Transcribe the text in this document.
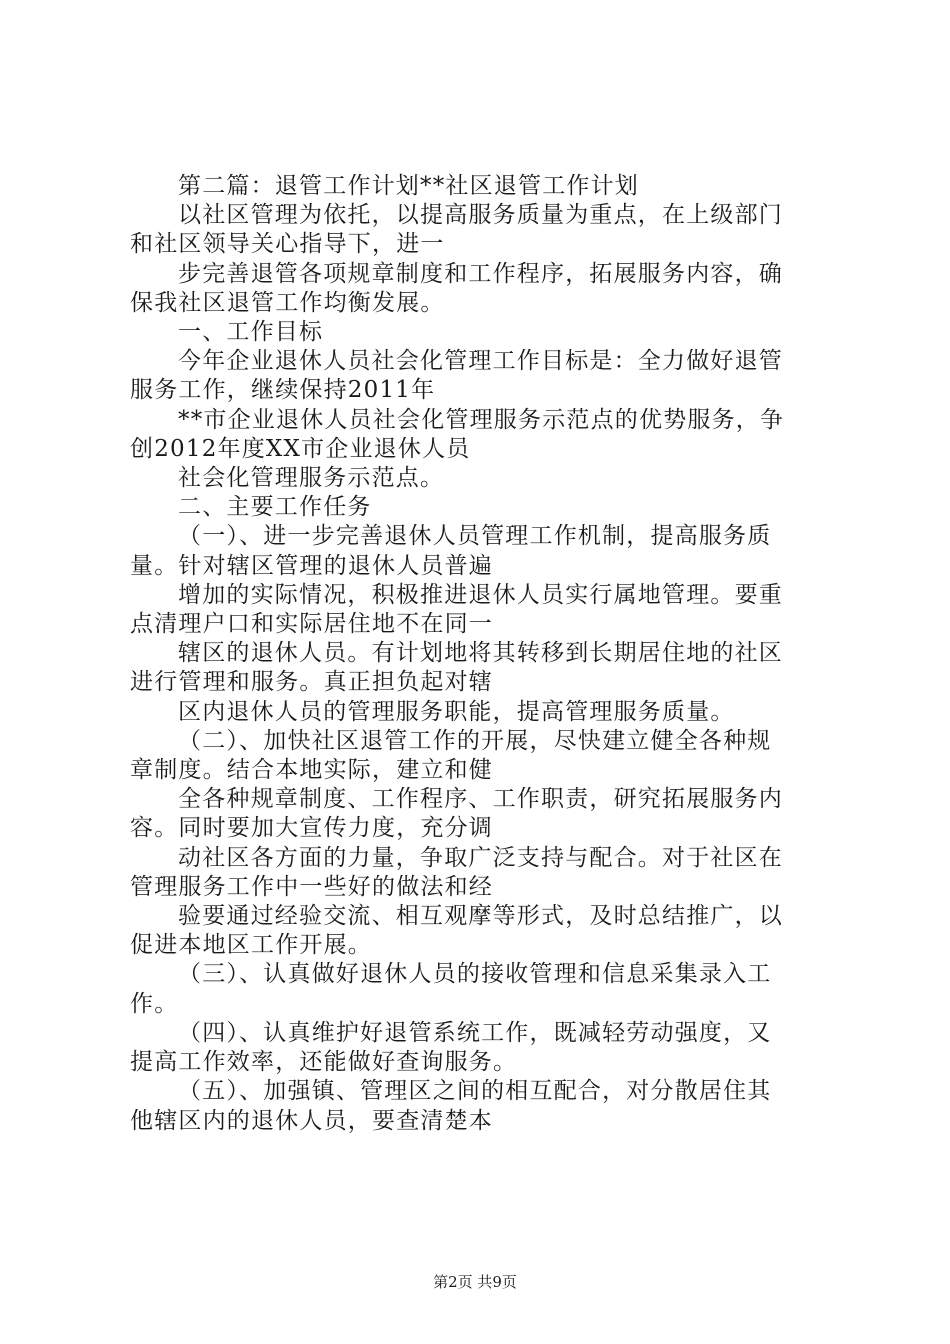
第二篇：退管工作计划**社区退管工作计划
以社区管理为依托，以提高服务质量为重点，在上级部门
和社区领导关心指导下，进一
步完善退管各项规章制度和工作程序，拓展服务内容，确
保我社区退管工作均衡发展。
一、工作目标
今年企业退休人员社会化管理工作目标是：全力做好退管
服务工作，继续保持2011年
**市企业退休人员社会化管理服务示范点的优势服务，争
创2012年度XX市企业退休人员
社会化管理服务示范点。
二、主要工作任务
（一）、进一步完善退休人员管理工作机制，提高服务质
量。针对辖区管理的退休人员普遍
增加的实际情况，积极推进退休人员实行属地管理。要重
点清理户口和实际居住地不在同一
辖区的退休人员。有计划地将其转移到长期居住地的社区
进行管理和服务。真正担负起对辖
区内退休人员的管理服务职能，提高管理服务质量。
（二）、加快社区退管工作的开展，尽快建立健全各种规
章制度。结合本地实际，建立和健
全各种规章制度、工作程序、工作职责，研究拓展服务内
容。同时要加大宣传力度，充分调
动社区各方面的力量，争取广泛支持与配合。对于社区在
管理服务工作中一些好的做法和经
验要通过经验交流、相互观摩等形式，及时总结推广，以
促进本地区工作开展。
（三）、认真做好退休人员的接收管理和信息采集录入工
作。
（四）、认真维护好退管系统工作，既减轻劳动强度，又
提高工作效率，还能做好查询服务。
（五）、加强镇、管理区之间的相互配合，对分散居住其
他辖区内的退休人员，要查清楚本
第2页 共9页
